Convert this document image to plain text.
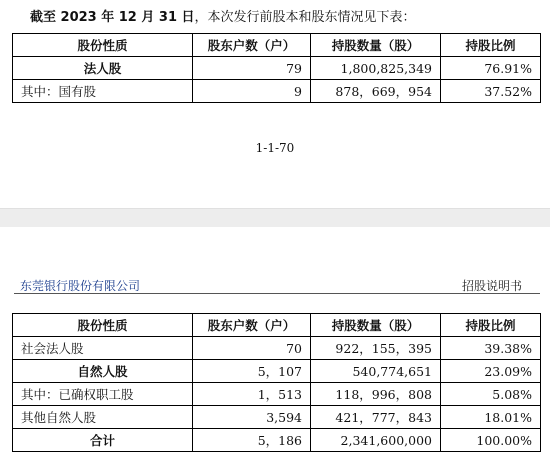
截至 2023 年 12 月 31 日，本次发行前股本和股东情况见下表：
股份性质	股东户数（户）	持股数量（股）	持股比例
法人股	79	1,800,825,349	76.91%
其中：国有股	9	878，669，954	37.52%
1-1-70
东莞银行股份有限公司	招股说明书
股份性质	股东户数（户）	持股数量（股）	持股比例
社会法人股	70	922，155，395	39.38%
自然人股	5，107	540,774,651	23.09%
其中：已确权职工股	1，513	118，996，808	5.08%
其他自然人股	3,594	421，777，843	18.01%
合计	5，186	2,341,600,000	100.00%
